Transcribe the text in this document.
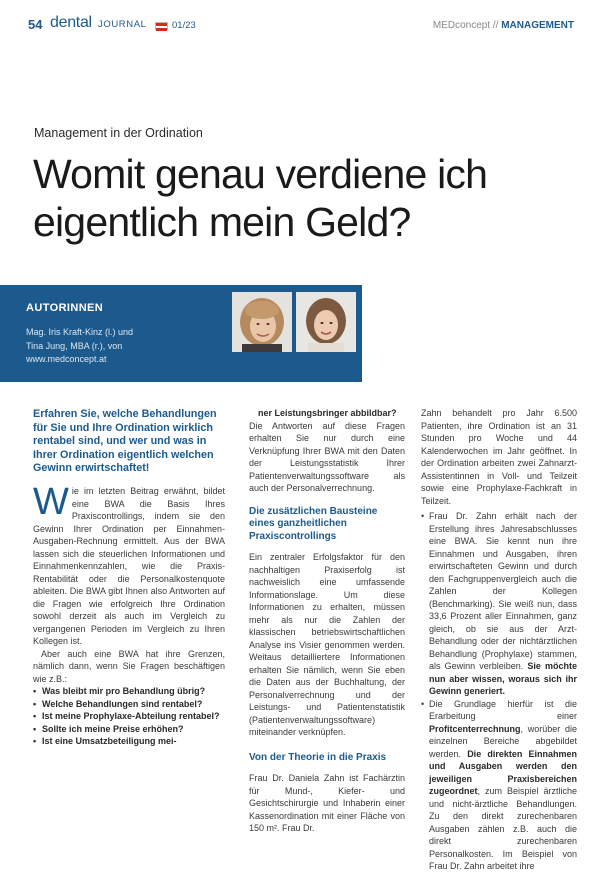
54 dental JOURNAL	01/23	MEDconcept // MANAGEMENT
Management in der Ordination
Womit genau verdiene ich eigentlich mein Geld?
AUTORINNEN
Mag. Iris Kraft-Kinz (l.) und
Tina Jung, MBA (r.), von
www.medconcept.at
Erfahren Sie, welche Behandlungen für Sie und Ihre Ordination wirklich rentabel sind, und wer und was in Ihrer Ordination eigentlich welchen Gewinn erwirtschaftet!

Wie im letzten Beitrag erwähnt, bildet eine BWA die Basis Ihres Praxiscontrollings, indem sie den Gewinn Ihrer Ordination per Einnahmen-Ausgaben-Rechnung ermittelt. Aus der BWA lassen sich die steuerlichen Informationen und Einnahmenkennzahlen, wie die Praxis-Rentabilität oder die Personalkostenquote ableiten. Die BWA gibt Ihnen also Antworten auf die Fragen wie erfolgreich Ihre Ordination sowohl derzeit als auch im Vergleich zu vergangenen Perioden im Vergleich zu Ihren Kollegen ist.

Aber auch eine BWA hat ihre Grenzen, nämlich dann, wenn Sie Fragen beschäftigen wie z.B.:

• Was bleibt mir pro Behandlung übrig?
• Welche Behandlungen sind rentabel?
• Ist meine Prophylaxe-Abteilung rentabel?
• Sollte ich meine Preise erhöhen?
• Ist eine Umsatzbeteiligung mei-

ner Leistungsbringer abbildbar?

Die Antworten auf diese Fragen erhalten Sie nur durch eine Verknüpfung Ihrer BWA mit den Daten der Leistungsstatistik Ihrer Patientenverwaltungssoftware als auch der Personalverrechnung.

Die zusätzlichen Bausteine eines ganzheitlichen Praxiscontrollings

Ein zentraler Erfolgsfaktor für den nachhaltigen Praxiserfolg ist nachweislich eine umfassende Informationslage. Um diese Informationen zu erhalten, müssen mehr als nur die Zahlen der klassischen betriebswirtschaftlichen Analyse ins Visier genommen werden. Weitaus detailliertere Informationen erhalten Sie nämlich, wenn Sie eben die Daten aus der Buchhaltung, der Personalverrechnung und der Leistungs- und Patientenstatistik (Patientenverwaltungssoftware) miteinander verknüpfen.

Von der Theorie in die Praxis

Frau Dr. Daniela Zahn ist Fachärztin für Mund-, Kiefer- und Gesichtschirurgie und Inhaberin einer Kassenordination mit einer Fläche von 150 m². Frau Dr.

Zahn behandelt pro Jahr 6.500 Patienten, ihre Ordination ist an 31 Stunden pro Woche und 44 Kalenderwochen im Jahr geöffnet. In der Ordination arbeiten zwei Zahnarzt-Assistentinnen in Voll- und Teilzeit sowie eine Prophylaxe-Fachkraft in Teilzeit.

• Frau Dr. Zahn erhält nach der Erstellung ihres Jahresabschlusses eine BWA. Sie kennt nun ihre Einnahmen und Ausgaben, ihren erwirtschafteten Gewinn und durch den Fachgruppenvergleich auch die Zahlen der Kollegen (Benchmarking). Sie weiß nun, dass 33,6 Prozent aller Einnahmen, ganz gleich, ob sie aus der Arzt-Behandlung oder der nichtärztlichen Behandlung (Prophylaxe) stammen, als Gewinn verbleiben. Sie möchte nun aber wissen, woraus sich ihr Gewinn generiert.
• Die Grundlage hierfür ist die Erarbeitung einer Profitcenterrechnung, worüber die einzelnen Bereiche abgebildet werden. Die direkten Einnahmen und Ausgaben werden den jeweiligen Praxisbereichen zugeordnet, zum Beispiel ärztliche und nicht-ärztliche Behandlungen. Zu den direkt zurechenbaren Ausgaben zählen z.B. auch die direkt zurechenbaren Personalkosten. Im Beispiel von Frau Dr. Zahn arbeitet ihre
